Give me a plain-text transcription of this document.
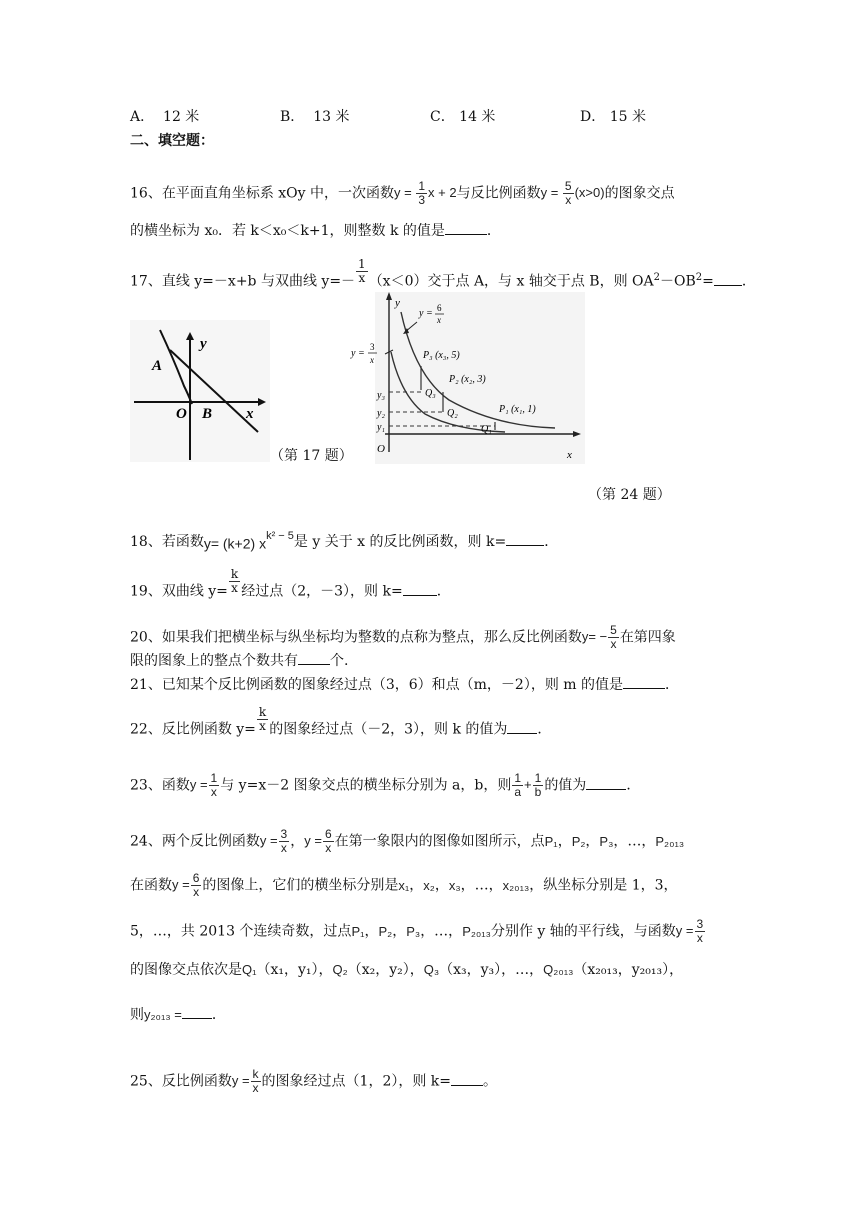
A． 12 米	B． 13 米	C． 14 米	D． 15 米
二、填空题：
16、在平面直角坐标系 xOy 中，一次函数$y = \frac{1}{3}$ x + 2与反比例函数$y = \frac{5}{x} (x>0)$的图象交点
的横坐标为 x₀．若 k＜x₀＜k+1，则整数 k 的值是	．
17、直线 y=－x+b 与双曲线 $y=- \frac{1}{x} (x<0)$交于点 A，与 x 轴交于点 B，则 $OA^2-OB^2=$ ．
A
y
O B x
（第 17 题）
y
O	x
y = 6
x
y =
3
x	P₃ (x₃, 5)
P₂ (x₂, 3)
P₁ (x₁, 1)
Q₃
Q₂
Q₁
y₃
y₂
y₁
（第 24 题）
18、若函数y= (k+2) $x^{k^2 - 5}$是 y 关于 x 的反比例函数，则 k=	．
19、双曲线 $y= \frac{k}{x}$ 经过点（2，－3），则 k= ．
20、如果我们把横坐标与纵坐标均为整数的点称为整点，那么反比例函数$y= - \frac{5}{x}$ 在第四象
限的图象上的整点个数共有 个.
21、已知某个反比例函数的图象经过点（3，6）和点（m，－2），则 m 的值是	．
22、反比例函数 $y= \frac{k}{x}$ 的图象经过点（－2，3），则 k 的值为 ．
23、函数$y = \frac{1}{x}$ 与 y=x－2 图象交点的横坐标分别为 a，b，则 $\frac{1}{a} + \frac{1}{b}$ 的值为	．
24、两个反比例函数$y = \frac{3}{x}$ ，$y = \frac{6}{x}$ 在第一象限内的图像如图所示，点P₁，P₂，P₃，…，P₂₀₁₃
在函数$y = \frac{6}{x}$ 的图像上，它们的横坐标分别是x₁，x₂，x₃，…，x₂₀₁₃，纵坐标分别是 1，3，
5，…，共 2013 个连续奇数，过点P₁，P₂，P₃，…，P₂₀₁₃分别作 y 轴的平行线，与函数$y = \frac{3}{x}$
的图像交点依次是Q₁（x₁，y₁），Q₂（x₂，y₂），Q₃（x₃，y₃），…，Q₂₀₁₃（x₂₀₁₃，y₂₀₁₃），
则y₂₀₁₃ = ．
25、反比例函数$y = \frac{k}{x}$ 的图象经过点（1，2），则 k= 。
